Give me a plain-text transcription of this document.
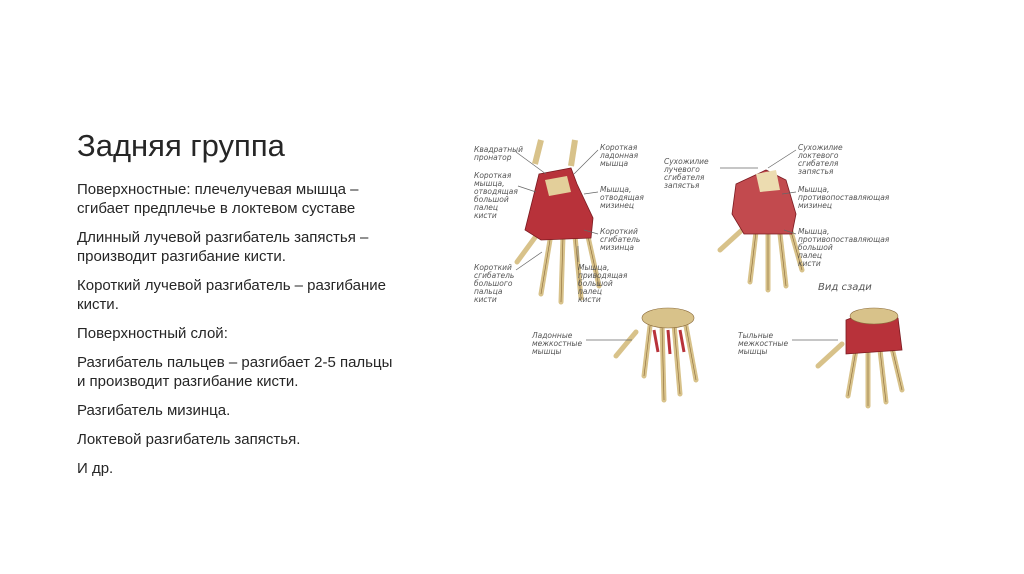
Задняя группа

Поверхностные: плечелучевая мышца – сгибает предплечье в локтевом суставе

Длинный лучевой разгибатель запястья – производит разгибание кисти.

Короткий лучевой разгибатель – разгибание кисти.

Поверхностный слой:

Разгибатель пальцев – разгибает 2-5 пальцы и производит разгибание кисти.

Разгибатель мизинца.

Локтевой разгибатель запястья.

И др.

Квадратный
пронатор
Короткая
мышца,
отводящая
большой
палец
кисти
Короткий
сгибатель
большого
пальца
кисти
Короткая
ладонная
мышца
Мышца,
отводящая
мизинец
Короткий
сгибатель
мизинца
Мышца,
приводящая
большой
палец
кисти
Сухожилие
лучевого
сгибателя
запястья
Сухожилие
локтевого
сгибателя
запястья
Мышца,
противопоставляющая
мизинец
Мышца,
противопоставляющая
большой
палец
кисти
Вид сзади
Ладонные
межкостные
мышцы
Тыльные
межкостные
мышцы
